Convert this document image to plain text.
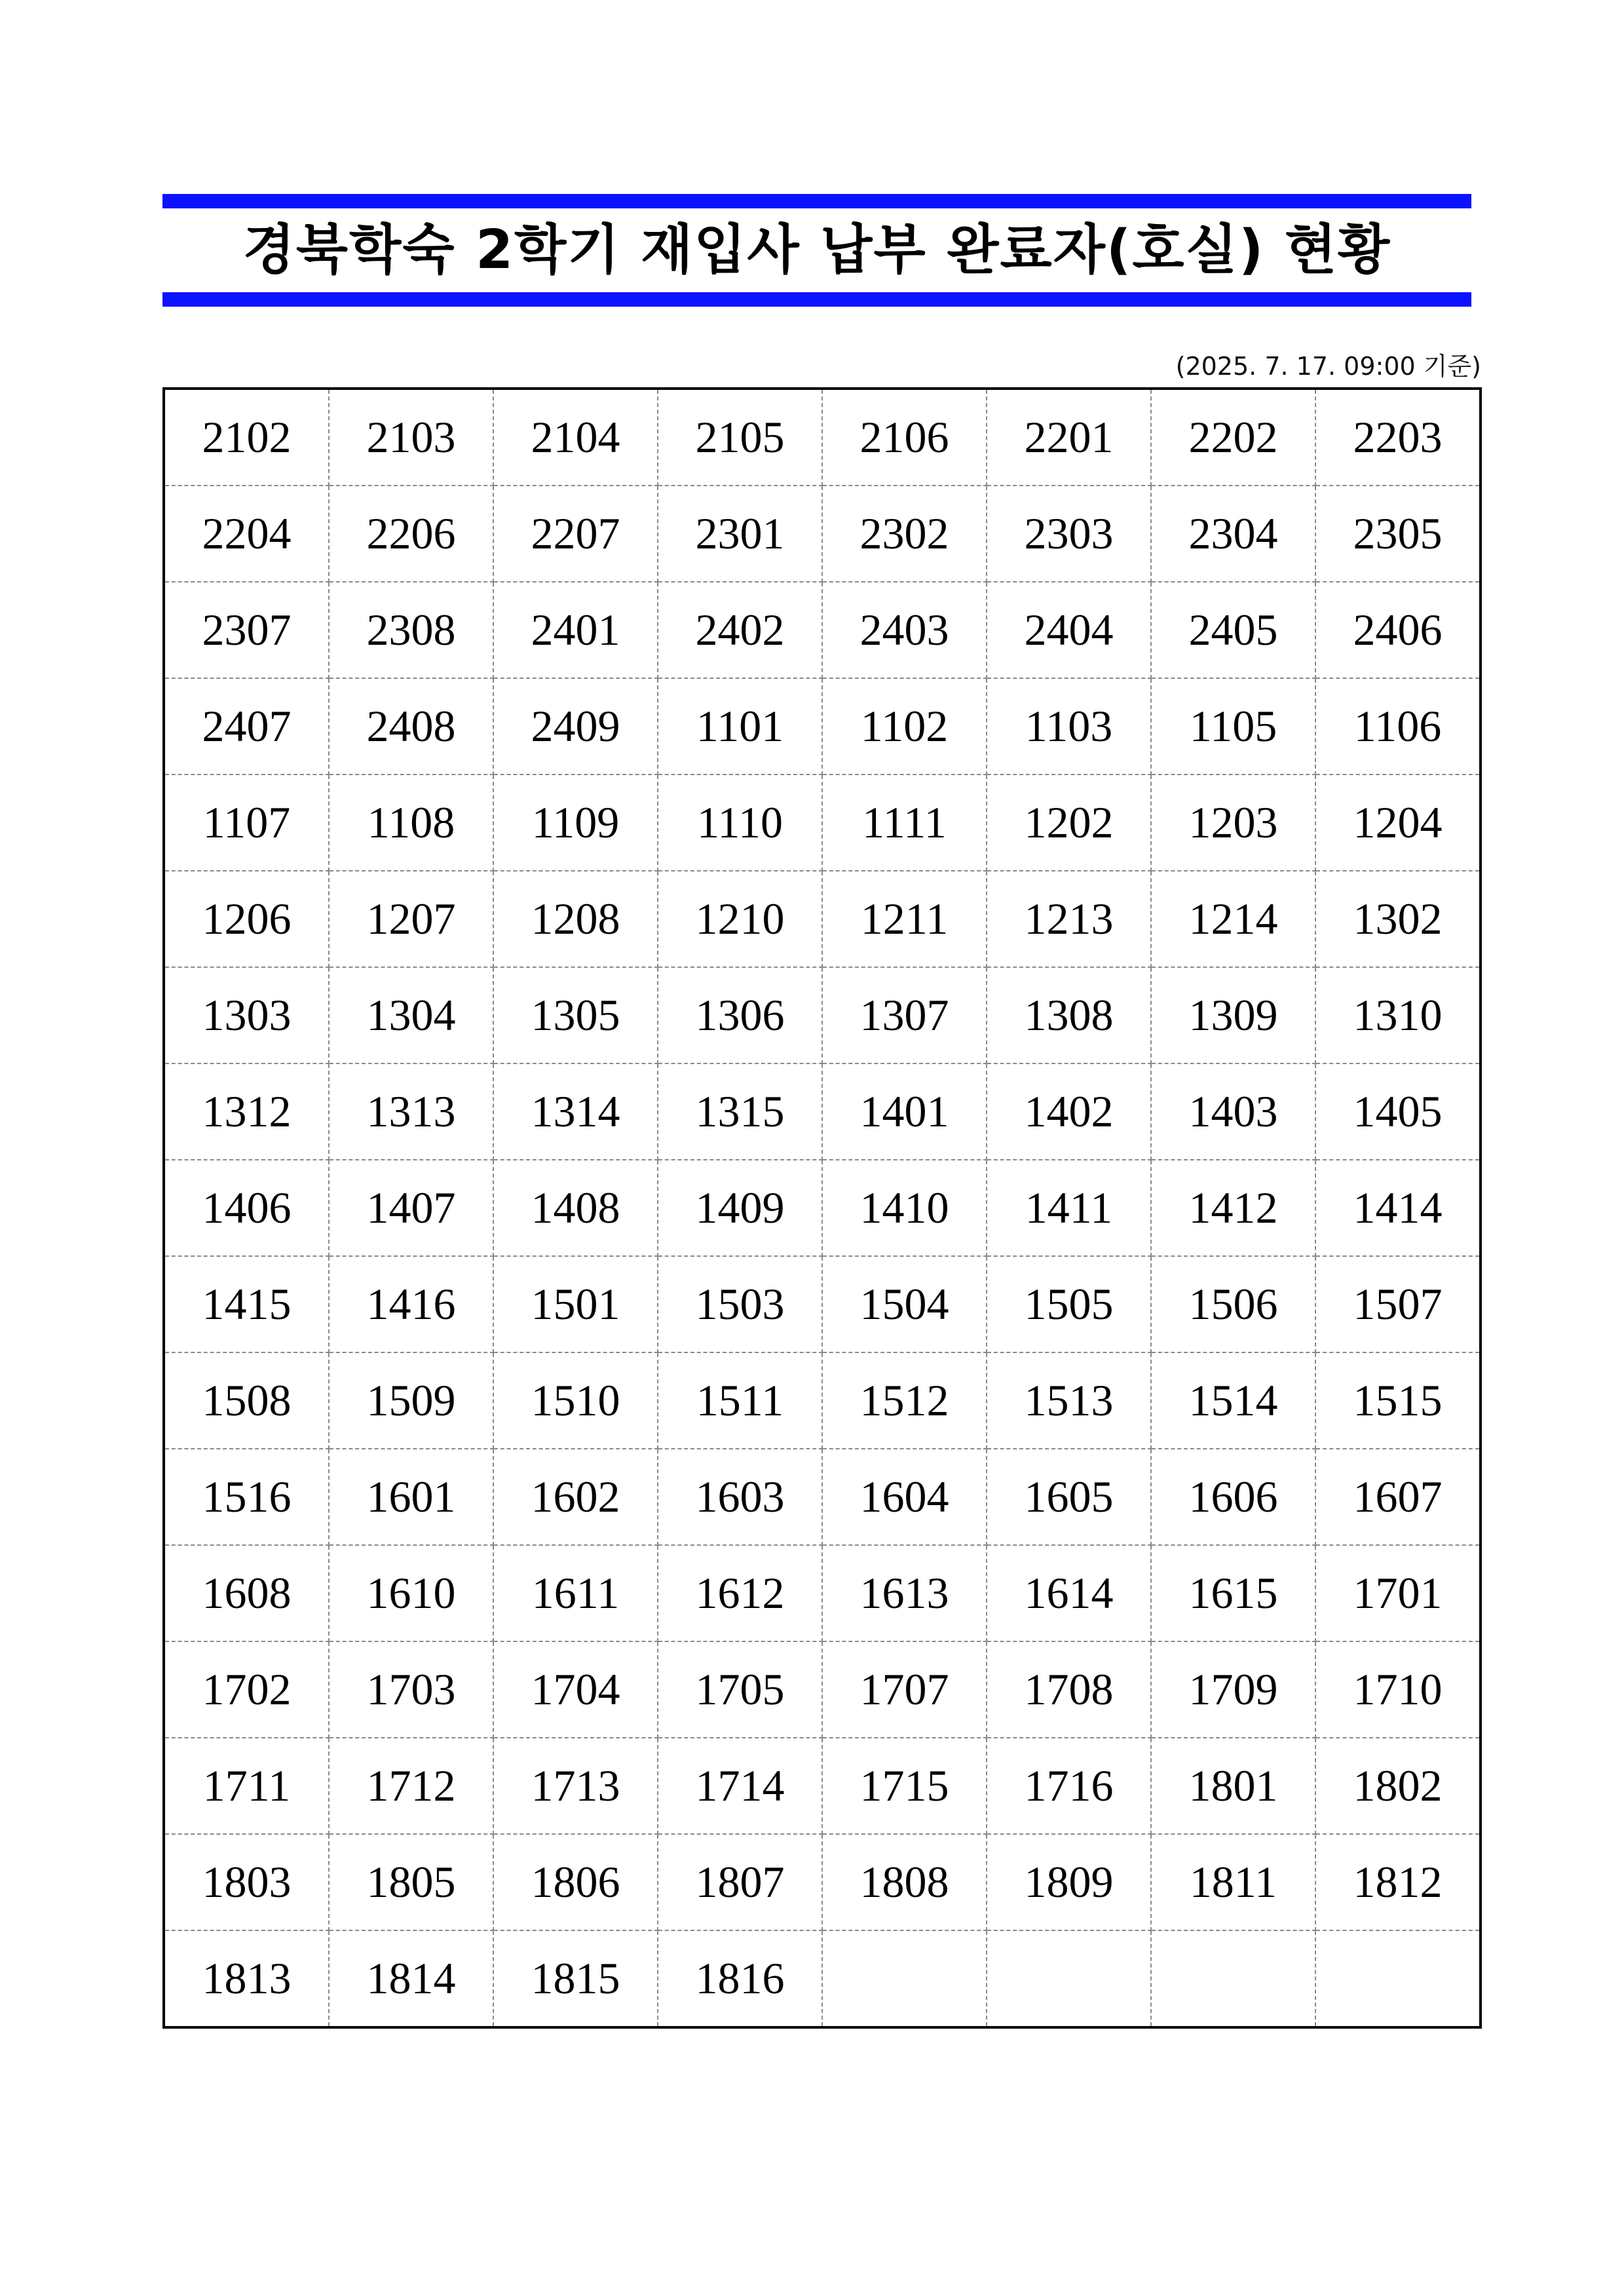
경북학숙 2학기 재입사 납부 완료자(호실) 현황
(2025. 7. 17. 09:00 기준)
2102	2103	2104	2105	2106	2201	2202	2203
2204	2206	2207	2301	2302	2303	2304	2305
2307	2308	2401	2402	2403	2404	2405	2406
2407	2408	2409	1101	1102	1103	1105	1106
1107	1108	1109	1110	1111	1202	1203	1204
1206	1207	1208	1210	1211	1213	1214	1302
1303	1304	1305	1306	1307	1308	1309	1310
1312	1313	1314	1315	1401	1402	1403	1405
1406	1407	1408	1409	1410	1411	1412	1414
1415	1416	1501	1503	1504	1505	1506	1507
1508	1509	1510	1511	1512	1513	1514	1515
1516	1601	1602	1603	1604	1605	1606	1607
1608	1610	1611	1612	1613	1614	1615	1701
1702	1703	1704	1705	1707	1708	1709	1710
1711	1712	1713	1714	1715	1716	1801	1802
1803	1805	1806	1807	1808	1809	1811	1812
1813	1814	1815	1816				
